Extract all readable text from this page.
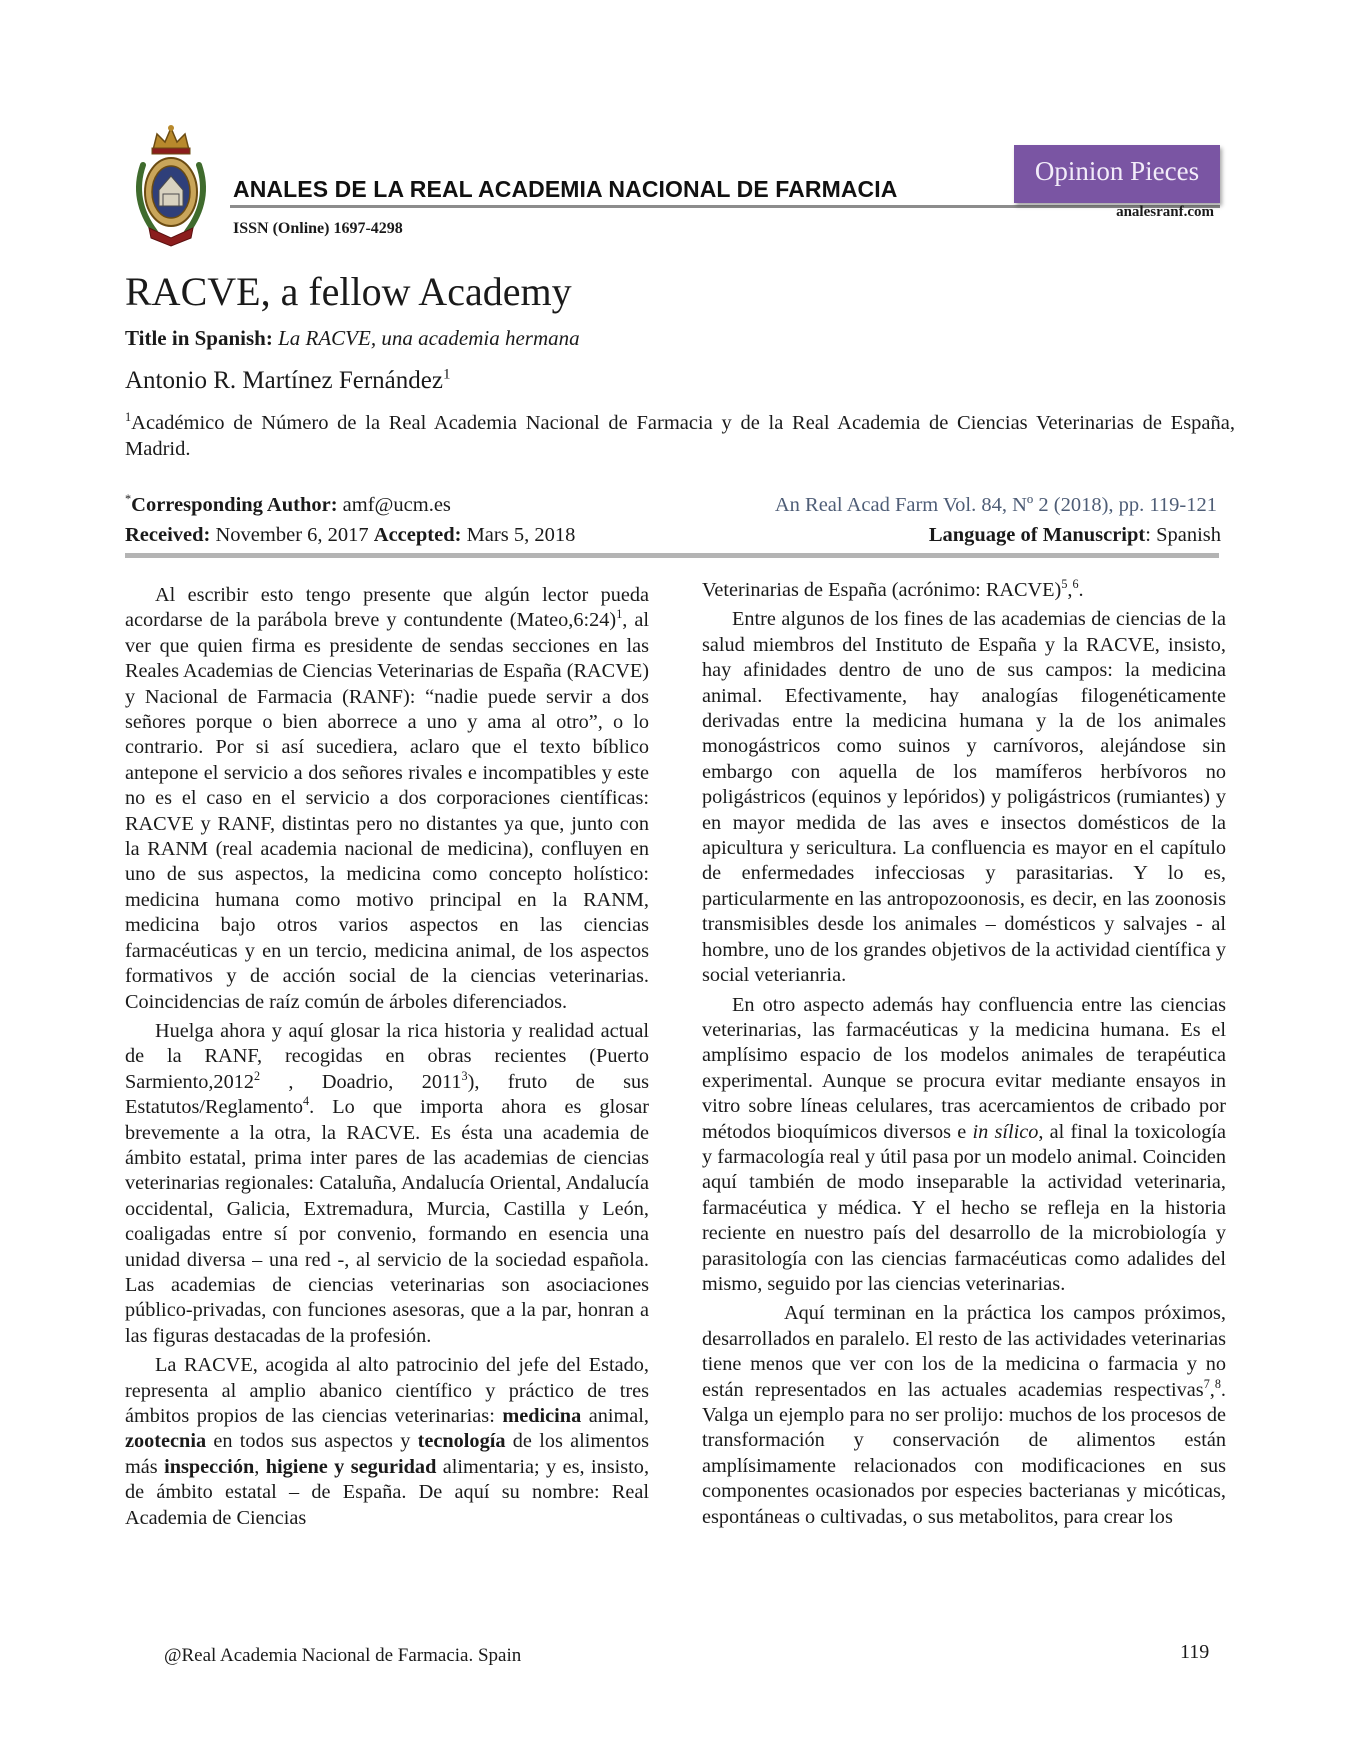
ANALES DE LA REAL ACADEMIA NACIONAL DE FARMACIA
ISSN (Online) 1697-4298
Opinion Pieces
analesranf.com
RACVE, a fellow Academy
Title in Spanish: La RACVE, una academia hermana
Antonio R. Martínez Fernández$^1$
$^1$Académico de Número de la Real Academia Nacional de Farmacia y de la Real Academia de Ciencias Veterinarias de España, Madrid.
*Corresponding Author: amf@ucm.es	An Real Acad Farm Vol. 84, Nº 2 (2018), pp. 119-121
Received: November 6, 2017 Accepted: Mars 5, 2018	Language of Manuscript: Spanish

Al escribir esto tengo presente que algún lector pueda acordarse de la parábola breve y contundente (Mateo,6:24)$^1$, al ver que quien firma es presidente de sendas secciones en las Reales Academias de Ciencias Veterinarias de España (RACVE) y Nacional de Farmacia (RANF): “nadie puede servir a dos señores porque o bien aborrece a uno y ama al otro”, o lo contrario. Por si así sucediera, aclaro que el texto bíblico antepone el servicio a dos señores rivales e incompatibles y este no es el caso en el servicio a dos corporaciones científicas: RACVE y RANF, distintas pero no distantes ya que, junto con la RANM (real academia nacional de medicina), confluyen en uno de sus aspectos, la medicina como concepto holístico: medicina humana como motivo principal en la RANM, medicina bajo otros varios aspectos en las ciencias farmacéuticas y en un tercio, medicina animal, de los aspectos formativos y de acción social de la ciencias veterinarias. Coincidencias de raíz común de árboles diferenciados.

Huelga ahora y aquí glosar la rica historia y realidad actual de la RANF, recogidas en obras recientes (Puerto Sarmiento,2012$^2$ , Doadrio, 2011$^3$), fruto de sus Estatutos/Reglamento$^4$. Lo que importa ahora es glosar brevemente a la otra, la RACVE. Es ésta una academia de ámbito estatal, prima inter pares de las academias de ciencias veterinarias regionales: Cataluña, Andalucía Oriental, Andalucía occidental, Galicia, Extremadura, Murcia, Castilla y León, coaligadas entre sí por convenio, formando en esencia una unidad diversa – una red -, al servicio de la sociedad española. Las academias de ciencias veterinarias son asociaciones público-privadas, con funciones asesoras, que a la par, honran a las figuras destacadas de la profesión.

La RACVE, acogida al alto patrocinio del jefe del Estado, representa al amplio abanico científico y práctico de tres ámbitos propios de las ciencias veterinarias: medicina animal, zootecnia en todos sus aspectos y tecnología de los alimentos más inspección, higiene y seguridad alimentaria; y es, insisto, de ámbito estatal – de España. De aquí su nombre: Real Academia de Ciencias

Veterinarias de España (acrónimo: RACVE)$^5$,$^6$.

Entre algunos de los fines de las academias de ciencias de la salud miembros del Instituto de España y la RACVE, insisto, hay afinidades dentro de uno de sus campos: la medicina animal. Efectivamente, hay analogías filogenéticamente derivadas entre la medicina humana y la de los animales monogástricos como suinos y carnívoros, alejándose sin embargo con aquella de los mamíferos herbívoros no poligástricos (equinos y lepóridos) y poligástricos (rumiantes) y en mayor medida de las aves e insectos domésticos de la apicultura y sericultura. La confluencia es mayor en el capítulo de enfermedades infecciosas y parasitarias. Y lo es, particularmente en las antropozoonosis, es decir, en las zoonosis transmisibles desde los animales – domésticos y salvajes - al hombre, uno de los grandes objetivos de la actividad científica y social veterianria.

En otro aspecto además hay confluencia entre las ciencias veterinarias, las farmacéuticas y la medicina humana. Es el amplísimo espacio de los modelos animales de terapéutica experimental. Aunque se procura evitar mediante ensayos in vitro sobre líneas celulares, tras acercamientos de cribado por métodos bioquímicos diversos e in sílico, al final la toxicología y farmacología real y útil pasa por un modelo animal. Coinciden aquí también de modo inseparable la actividad veterinaria, farmacéutica y médica. Y el hecho se refleja en la historia reciente en nuestro país del desarrollo de la microbiología y parasitología con las ciencias farmacéuticas como adalides del mismo, seguido por las ciencias veterinarias.

Aquí terminan en la práctica los campos próximos, desarrollados en paralelo. El resto de las actividades veterinarias tiene menos que ver con los de la medicina o farmacia y no están representados en las actuales academias respectivas$^7$,$^8$. Valga un ejemplo para no ser prolijo: muchos de los procesos de transformación y conservación de alimentos están amplísimamente relacionados con modificaciones en sus componentes ocasionados por especies bacterianas y micóticas, espontáneas o cultivadas, o sus metabolitos, para crear los

@Real Academia Nacional de Farmacia. Spain	119
